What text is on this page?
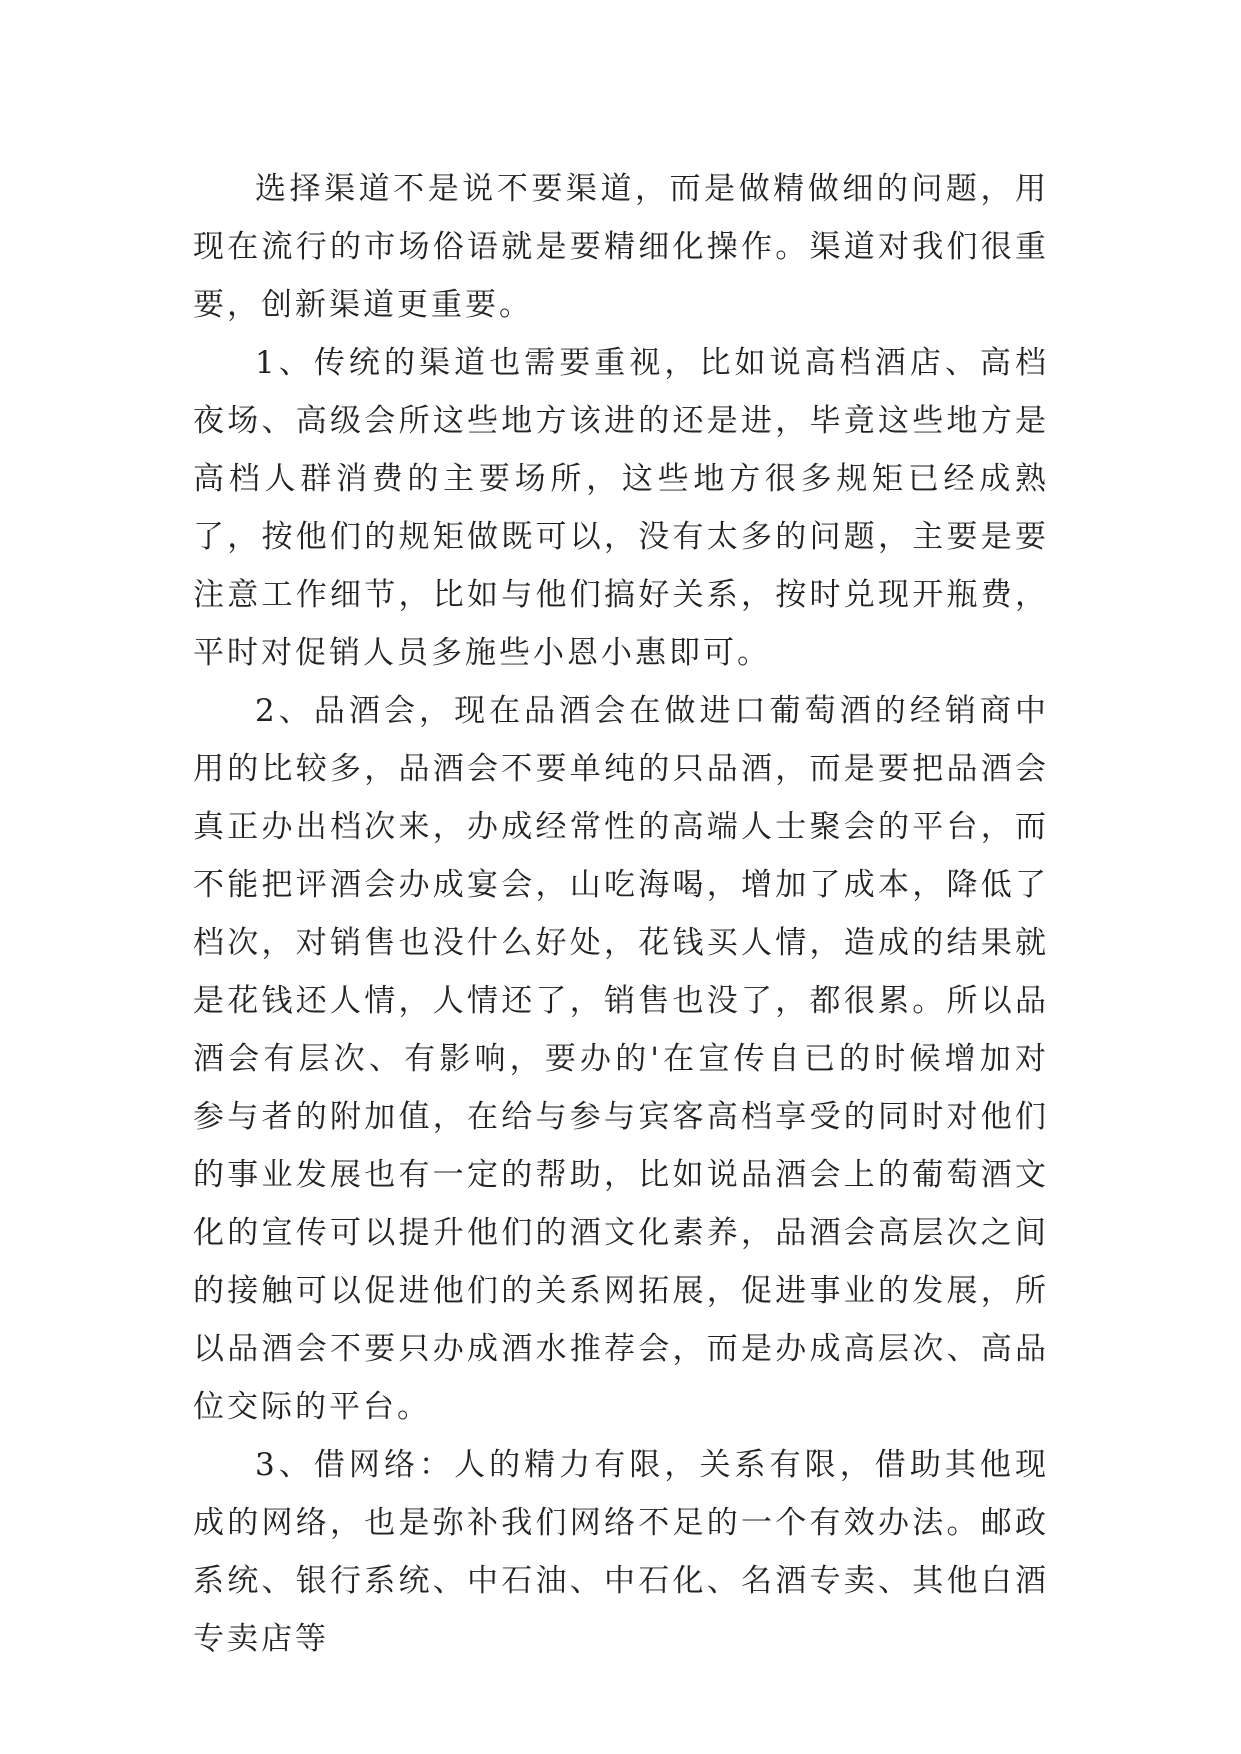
选择渠道不是说不要渠道，而是做精做细的问题，用现在流行的市场俗语就是要精细化操作。渠道对我们很重要，创新渠道更重要。

1、传统的渠道也需要重视，比如说高档酒店、高档夜场、高级会所这些地方该进的还是进，毕竟这些地方是高档人群消费的主要场所，这些地方很多规矩已经成熟了，按他们的规矩做既可以，没有太多的问题，主要是要注意工作细节，比如与他们搞好关系，按时兑现开瓶费，平时对促销人员多施些小恩小惠即可。

2、品酒会，现在品酒会在做进口葡萄酒的经销商中用的比较多，品酒会不要单纯的只品酒，而是要把品酒会真正办出档次来，办成经常性的高端人士聚会的平台，而不能把评酒会办成宴会，山吃海喝，增加了成本，降低了档次，对销售也没什么好处，花钱买人情，造成的结果就是花钱还人情，人情还了，销售也没了，都很累。所以品酒会有层次、有影响，要办的'在宣传自已的时候增加对参与者的附加值，在给与参与宾客高档享受的同时对他们的事业发展也有一定的帮助，比如说品酒会上的葡萄酒文化的宣传可以提升他们的酒文化素养，品酒会高层次之间的接触可以促进他们的关系网拓展，促进事业的发展，所以品酒会不要只办成酒水推荐会，而是办成高层次、高品位交际的平台。

3、借网络：人的精力有限，关系有限，借助其他现成的网络，也是弥补我们网络不足的一个有效办法。邮政系统、银行系统、中石油、中石化、名酒专卖、其他白酒专卖店等
